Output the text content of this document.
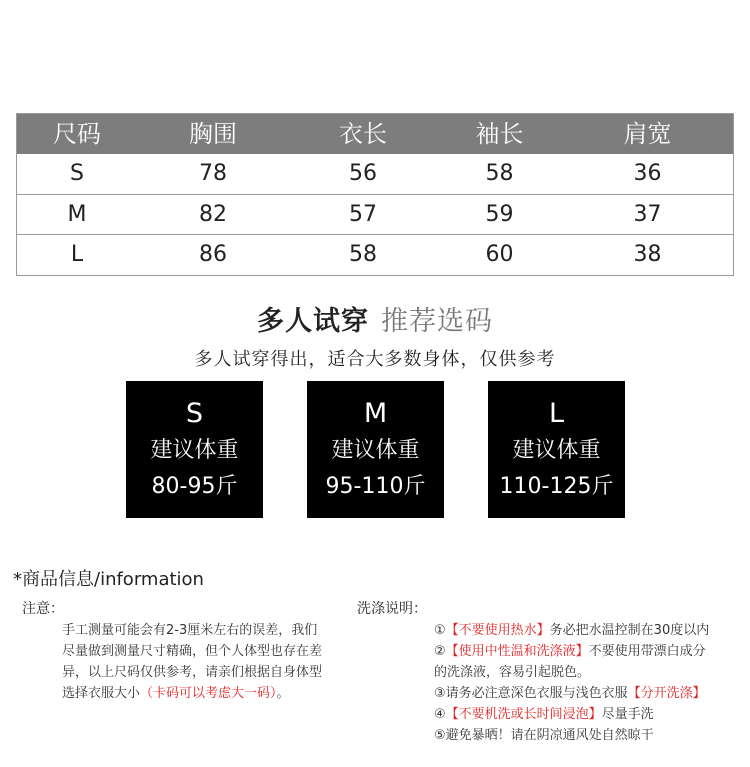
尺码	胸围	衣长	袖长	肩宽
S	78	56	58	36
M	82	57	59	37
L	86	58	60	38
多人试穿 推荐选码
多人试穿得出，适合大多数身体，仅供参考
S
建议体重
80-95斤
M
建议体重
95-110斤
L
建议体重
110-125斤
*商品信息/information
注意：
手工测量可能会有2-3厘米左右的误差，我们
尽量做到测量尺寸精确，但个人体型也存在差
异，以上尺码仅供参考，请亲们根据自身体型
选择衣服大小（卡码可以考虑大一码）。
洗涤说明：
①【不要使用热水】务必把水温控制在30度以内
②【使用中性温和洗涤液】不要使用带漂白成分
的洗涤液，容易引起脱色。
③请务必注意深色衣服与浅色衣服【分开洗涤】
④【不要机洗或长时间浸泡】尽量手洗
⑤避免暴晒！请在阴凉通风处自然晾干
